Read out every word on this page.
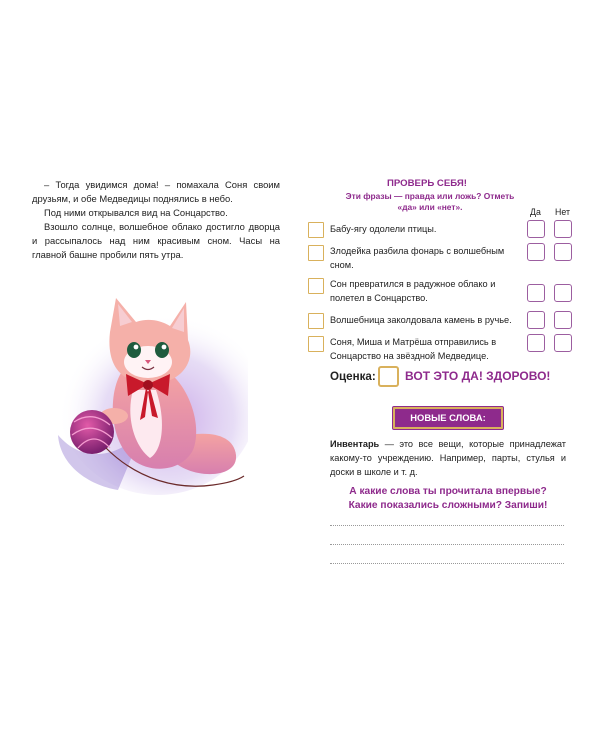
– Тогда увидимся дома! – помахала Соня своим друзьям, и обе Медведицы поднялись в небо.

Под ними открывался вид на Сонцарство.

Взошло солнце, волшебное облако достигло дворца и рассыпалось над ним красивым сном. Часы на главной башне пробили пять утра.

ПРОВЕРЬ СЕБЯ!
Эти фразы — правда или ложь? Отметь «да» или «нет».	Да Нет
Бабу-ягу одолели птицы.
Злодейка разбила фонарь с волшебным сном.
Сон превратился в радужное облако и полетел в Сонцарство.
Волшебница заколдовала камень в ручье.
Соня, Миша и Матрёша отправились в Сонцарство на звёздной Медведице.
Оценка: ВОТ ЭТО ДА! ЗДОРОВО!
НОВЫЕ СЛОВА:
Инвентарь — это все вещи, которые принадлежат какому-то учреждению. Например, парты, стулья и доски в школе и т. д.
А какие слова ты прочитала впервые?
Какие показались сложными? Запиши!
